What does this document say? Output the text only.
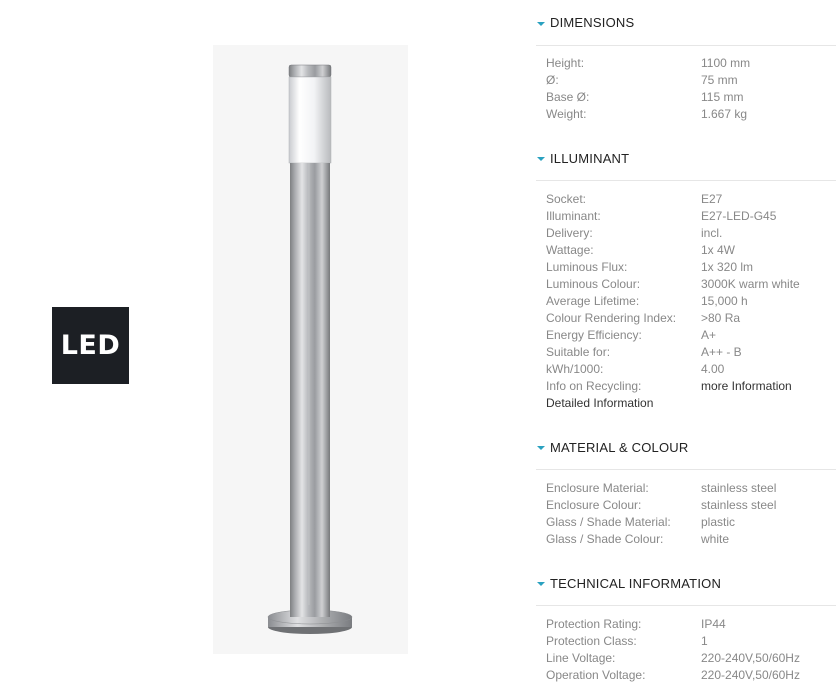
LED
DIMENSIONS
Height:	1100 mm
Ø:	75 mm
Base Ø:	115 mm
Weight:	1.667 kg
ILLUMINANT
Socket:	E27
Illuminant:	E27-LED-G45
Delivery:	incl.
Wattage:	1x 4W
Luminous Flux:	1x 320 lm
Luminous Colour:	3000K warm white
Average Lifetime:	15,000 h
Colour Rendering Index:	>80 Ra
Energy Efficiency:	A+
Suitable for:	A++ - B
kWh/1000:	4.00
Info on Recycling:	more Information
Detailed Information
MATERIAL & COLOUR
Enclosure Material:	stainless steel
Enclosure Colour:	stainless steel
Glass / Shade Material:	plastic
Glass / Shade Colour:	white
TECHNICAL INFORMATION
Protection Rating:	IP44
Protection Class:	1
Line Voltage:	220-240V,50/60Hz
Operation Voltage:	220-240V,50/60Hz
